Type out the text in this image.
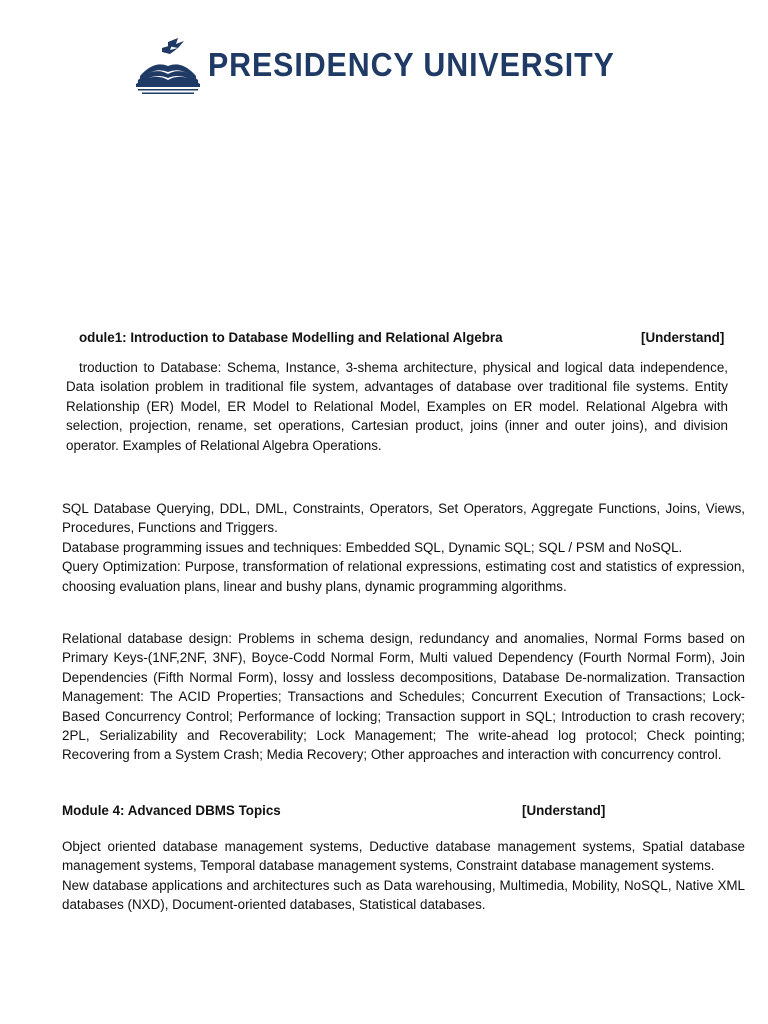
PRESIDENCY UNIVERSITY
odule1: Introduction to Database Modelling and Relational Algebra	[Understand]

troduction to Database: Schema, Instance, 3-shema architecture, physical and logical data independence, Data isolation problem in traditional file system, advantages of database over traditional file systems. Entity Relationship (ER) Model, ER Model to Relational Model, Examples on ER model. Relational Algebra with selection, projection, rename, set operations, Cartesian product, joins (inner and outer joins), and division operator. Examples of Relational Algebra Operations.

SQL Database Querying, DDL, DML, Constraints, Operators, Set Operators, Aggregate Functions, Joins, Views, Procedures, Functions and Triggers.

Database programming issues and techniques: Embedded SQL, Dynamic SQL; SQL / PSM and NoSQL.

Query Optimization: Purpose, transformation of relational expressions, estimating cost and statistics of expression, choosing evaluation plans, linear and bushy plans, dynamic programming algorithms.

Relational database design: Problems in schema design, redundancy and anomalies, Normal Forms based on Primary Keys-(1NF,2NF, 3NF), Boyce-Codd Normal Form, Multi valued Dependency (Fourth Normal Form), Join Dependencies (Fifth Normal Form), lossy and lossless decompositions, Database De-normalization. Transaction Management: The ACID Properties; Transactions and Schedules; Concurrent Execution of Transactions; Lock-Based Concurrency Control; Performance of locking; Transaction support in SQL; Introduction to crash recovery; 2PL, Serializability and Recoverability; Lock Management; The write-ahead log protocol; Check pointing; Recovering from a System Crash; Media Recovery; Other approaches and interaction with concurrency control.

Module 4: Advanced DBMS Topics	[Understand]

Object oriented database management systems, Deductive database management systems, Spatial database management systems, Temporal database management systems, Constraint database management systems.

New database applications and architectures such as Data warehousing, Multimedia, Mobility, NoSQL, Native XML databases (NXD), Document-oriented databases, Statistical databases.
